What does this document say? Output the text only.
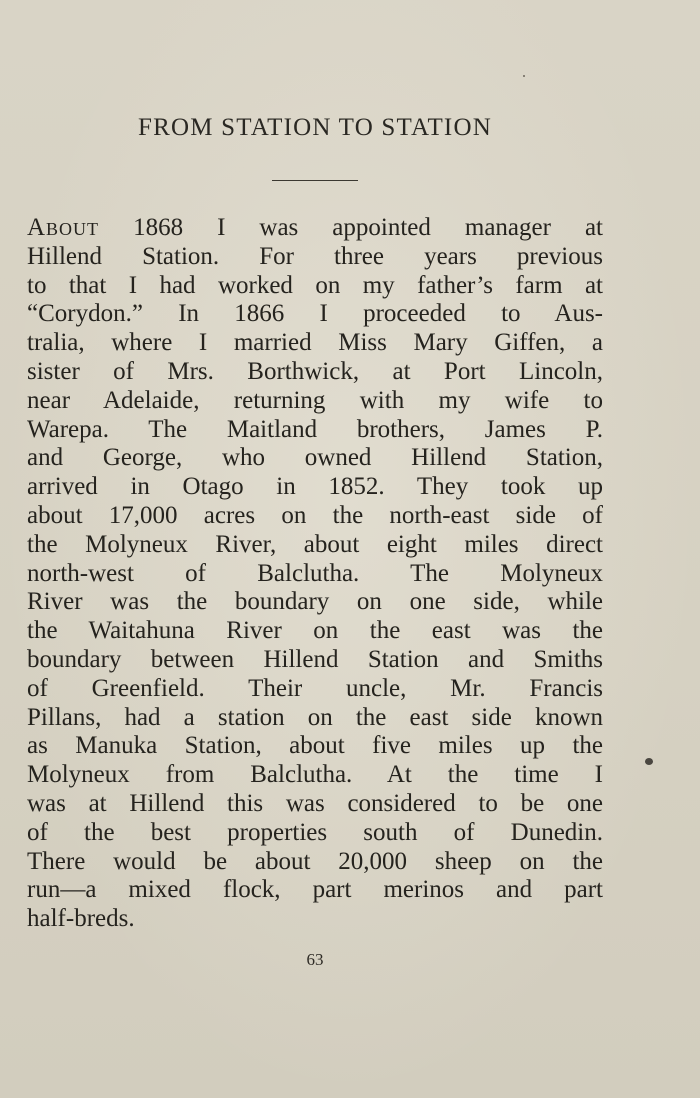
FROM STATION TO STATION
About 1868 I was appointed manager at
Hillend Station. For three years previous
to that I had worked on my father’s farm at
“Corydon.” In 1866 I proceeded to Aus-
tralia, where I married Miss Mary Giffen, a
sister of Mrs. Borthwick, at Port Lincoln,
near Adelaide, returning with my wife to
Warepa. The Maitland brothers, James P.
and George, who owned Hillend Station,
arrived in Otago in 1852. They took up
about 17,000 acres on the north-east side of
the Molyneux River, about eight miles direct
north-west of Balclutha. The Molyneux
River was the boundary on one side, while
the Waitahuna River on the east was the
boundary between Hillend Station and Smiths
of Greenfield. Their uncle, Mr. Francis
Pillans, had a station on the east side known
as Manuka Station, about five miles up the
Molyneux from Balclutha. At the time I
was at Hillend this was considered to be one
of the best properties south of Dunedin.
There would be about 20,000 sheep on the
run—a mixed flock, part merinos and part
half-breds.
63
